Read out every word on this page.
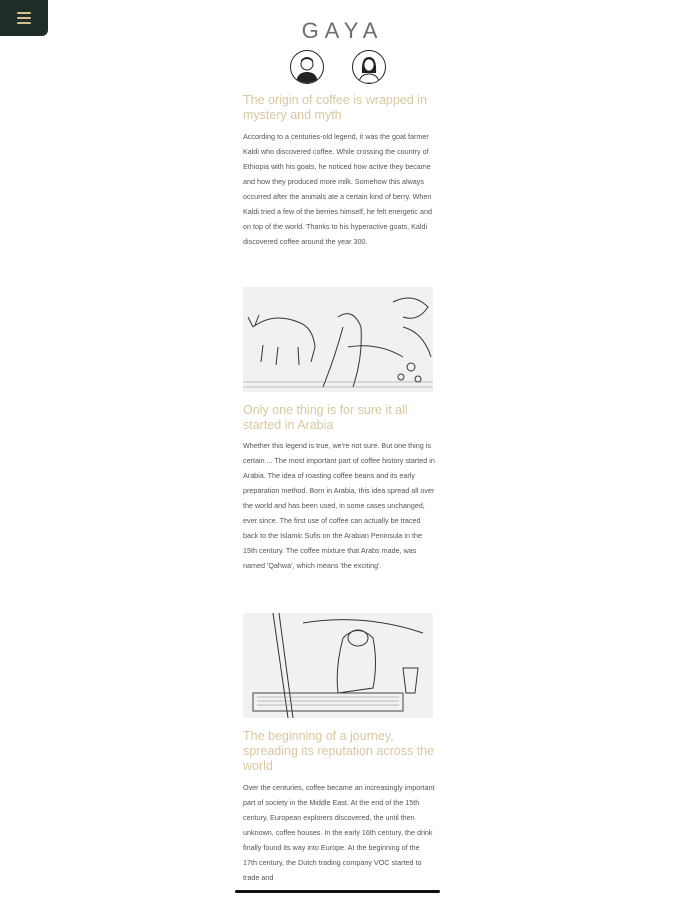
GAYA
The origin of coffee is wrapped in mystery and myth
According to a centuries-old legend, it was the goat farmer Kaldi who discovered coffee. While crossing the country of Ethiopia with his goats, he noticed how active they became and how they produced more milk. Somehow this always occurred after the animals ate a certain kind of berry. When Kaldi tried a few of the berries himself, he felt energetic and on top of the world. Thanks to his hyperactive goats, Kaldi discovered coffee around the year 300.
Only one thing is for sure it all started in Arabia
Whether this legend is true, we're not sure. But one thing is certain ... The most important part of coffee history started in Arabia. The idea of roasting coffee beans and its early preparation method. Born in Arabia, this idea spread all over the world and has been used, in some cases unchanged, ever since. The first use of coffee can actually be traced back to the Islamic Sufis on the Arabian Peninsula in the 15th century. The coffee mixture that Arabs made, was named 'Qahwa', which means 'the exciting'.
The beginning of a journey, spreading its reputation across the world
Over the centuries, coffee became an increasingly important part of society in the Middle East. At the end of the 15th century, European explorers discovered, the until then unknown, coffee houses. In the early 16th century, the drink finally found its way into Europe. At the beginning of the 17th century, the Dutch trading company VOC started to trade and
